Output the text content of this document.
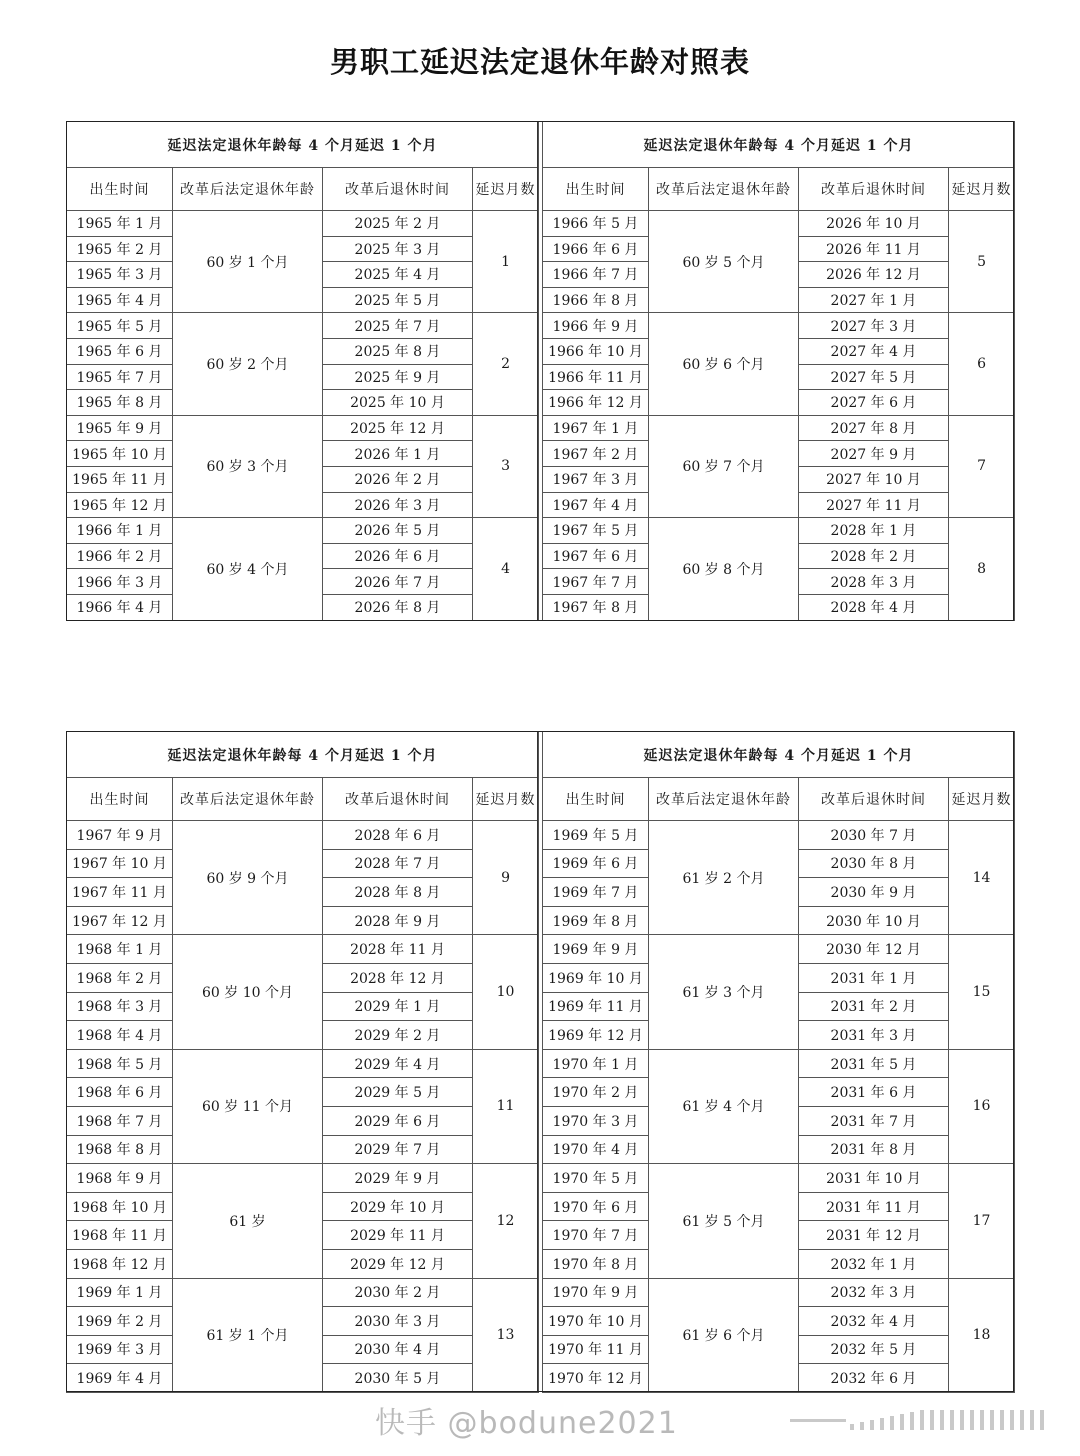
男职工延迟法定退休年龄对照表
延迟法定退休年龄每 4 个月延迟 1 个月			
出生时间	改革后法定退休年龄	改革后退休时间	延迟月数
1965 年 1 月	60 岁 1 个月	2025 年 2 月	1
1965 年 2 月		2025 年 3 月	
1965 年 3 月		2025 年 4 月	
1965 年 4 月		2025 年 5 月	
1965 年 5 月	60 岁 2 个月	2025 年 7 月	2
1965 年 6 月		2025 年 8 月	
1965 年 7 月		2025 年 9 月	
1965 年 8 月		2025 年 10 月	
1965 年 9 月	60 岁 3 个月	2025 年 12 月	3
1965 年 10 月		2026 年 1 月	
1965 年 11 月		2026 年 2 月	
1965 年 12 月		2026 年 3 月	
1966 年 1 月	60 岁 4 个月	2026 年 5 月	4
1966 年 2 月		2026 年 6 月	
1966 年 3 月		2026 年 7 月	
1966 年 4 月		2026 年 8 月	
延迟法定退休年龄每 4 个月延迟 1 个月			
出生时间	改革后法定退休年龄	改革后退休时间	延迟月数
1966 年 5 月	60 岁 5 个月	2026 年 10 月	5
1966 年 6 月		2026 年 11 月	
1966 年 7 月		2026 年 12 月	
1966 年 8 月		2027 年 1 月	
1966 年 9 月	60 岁 6 个月	2027 年 3 月	6
1966 年 10 月		2027 年 4 月	
1966 年 11 月		2027 年 5 月	
1966 年 12 月		2027 年 6 月	
1967 年 1 月	60 岁 7 个月	2027 年 8 月	7
1967 年 2 月		2027 年 9 月	
1967 年 3 月		2027 年 10 月	
1967 年 4 月		2027 年 11 月	
1967 年 5 月	60 岁 8 个月	2028 年 1 月	8
1967 年 6 月		2028 年 2 月	
1967 年 7 月		2028 年 3 月	
1967 年 8 月		2028 年 4 月	
延迟法定退休年龄每 4 个月延迟 1 个月			
出生时间	改革后法定退休年龄	改革后退休时间	延迟月数
1967 年 9 月	60 岁 9 个月	2028 年 6 月	9
1967 年 10 月		2028 年 7 月	
1967 年 11 月		2028 年 8 月	
1967 年 12 月		2028 年 9 月	
1968 年 1 月	60 岁 10 个月	2028 年 11 月	10
1968 年 2 月		2028 年 12 月	
1968 年 3 月		2029 年 1 月	
1968 年 4 月		2029 年 2 月	
1968 年 5 月	60 岁 11 个月	2029 年 4 月	11
1968 年 6 月		2029 年 5 月	
1968 年 7 月		2029 年 6 月	
1968 年 8 月		2029 年 7 月	
1968 年 9 月	61 岁	2029 年 9 月	12
1968 年 10 月		2029 年 10 月	
1968 年 11 月		2029 年 11 月	
1968 年 12 月		2029 年 12 月	
1969 年 1 月	61 岁 1 个月	2030 年 2 月	13
1969 年 2 月		2030 年 3 月	
1969 年 3 月		2030 年 4 月	
1969 年 4 月		2030 年 5 月	
延迟法定退休年龄每 4 个月延迟 1 个月			
出生时间	改革后法定退休年龄	改革后退休时间	延迟月数
1969 年 5 月	61 岁 2 个月	2030 年 7 月	14
1969 年 6 月		2030 年 8 月	
1969 年 7 月		2030 年 9 月	
1969 年 8 月		2030 年 10 月	
1969 年 9 月	61 岁 3 个月	2030 年 12 月	15
1969 年 10 月		2031 年 1 月	
1969 年 11 月		2031 年 2 月	
1969 年 12 月		2031 年 3 月	
1970 年 1 月	61 岁 4 个月	2031 年 5 月	16
1970 年 2 月		2031 年 6 月	
1970 年 3 月		2031 年 7 月	
1970 年 4 月		2031 年 8 月	
1970 年 5 月	61 岁 5 个月	2031 年 10 月	17
1970 年 6 月		2031 年 11 月	
1970 年 7 月		2031 年 12 月	
1970 年 8 月		2032 年 1 月	
1970 年 9 月	61 岁 6 个月	2032 年 3 月	18
1970 年 10 月		2032 年 4 月	
1970 年 11 月		2032 年 5 月	
1970 年 12 月		2032 年 6 月	
快手 @bodune2021
